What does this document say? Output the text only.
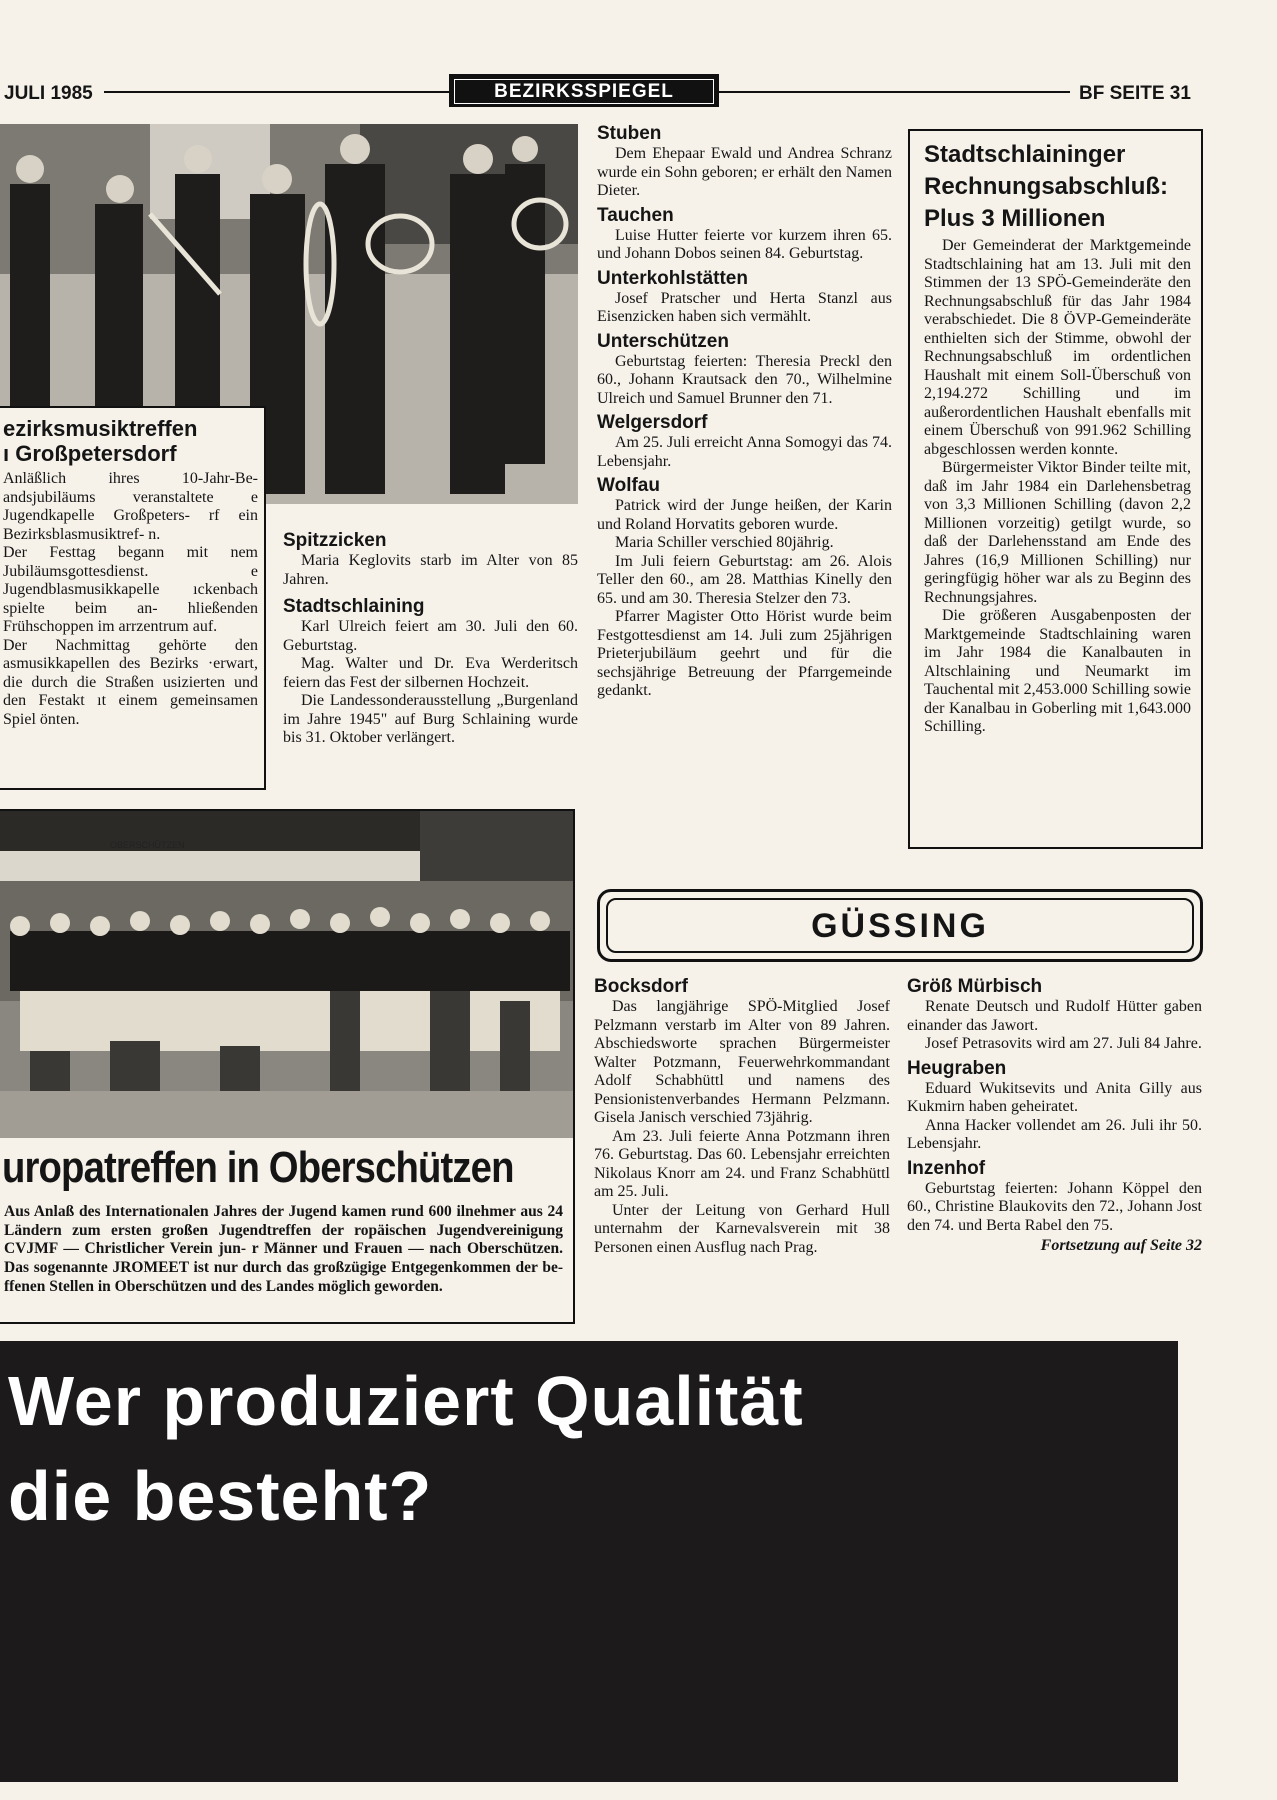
JULI 1985	BEZIRKSSPIEGEL	BF SEITE 31
ezirksmusiktreffen
ı Großpetersdorf

Anläßlich ihres 10-Jahr-Be- andsjubiläums veranstaltete e Jugendkapelle Großpeters- rf ein Bezirksblasmusiktref- n.

Der Festtag begann mit nem Jubiläumsgottesdienst. e Jugendblasmusikkapelle ıckenbach spielte beim an- hließenden Frühschoppen im arrzentrum auf.

Der Nachmittag gehörte den asmusikkapellen des Bezirks ·erwart, die durch die Straßen usizierten und den Festakt ıt einem gemeinsamen Spiel önten.

Spitzzicken

Maria Keglovits starb im Alter von 85 Jahren.

Stadtschlaining

Karl Ulreich feiert am 30. Juli den 60. Geburtstag.

Mag. Walter und Dr. Eva Werderitsch feiern das Fest der silbernen Hochzeit.

Die Landessonderausstellung „Burgenland im Jahre 1945" auf Burg Schlaining wurde bis 31. Oktober verlängert.

OBERSCHÜTZEN
uropatreffen in Oberschützen
Aus Anlaß des Internationalen Jahres der Jugend kamen rund 600 ilnehmer aus 24 Ländern zum ersten großen Jugendtreffen der ropäischen Jugendvereinigung CVJMF — Christlicher Verein jun- r Männer und Frauen — nach Oberschützen. Das sogenannte JROMEET ist nur durch das großzügige Entgegenkommen der be- ffenen Stellen in Oberschützen und des Landes möglich geworden.
Stuben

Dem Ehepaar Ewald und Andrea Schranz wurde ein Sohn geboren; er erhält den Namen Dieter.

Tauchen

Luise Hutter feierte vor kurzem ihren 65. und Johann Dobos seinen 84. Geburtstag.

Unterkohlstätten

Josef Pratscher und Herta Stanzl aus Eisenzicken haben sich vermählt.

Unterschützen

Geburtstag feierten: Theresia Preckl den 60., Johann Krautsack den 70., Wilhelmine Ulreich und Samuel Brunner den 71.

Welgersdorf

Am 25. Juli erreicht Anna Somogyi das 74. Lebensjahr.

Wolfau

Patrick wird der Junge heißen, der Karin und Roland Horvatits geboren wurde.

Maria Schiller verschied 80jährig.

Im Juli feiern Geburtstag: am 26. Alois Teller den 60., am 28. Matthias Kinelly den 65. und am 30. Theresia Stelzer den 73.

Pfarrer Magister Otto Hörist wurde beim Festgottesdienst am 14. Juli zum 25jährigen Prieterjubiläum geehrt und für die sechsjährige Betreuung der Pfarrgemeinde gedankt.

Stadtschlaininger
Rechnungsabschluß:
Plus 3 Millionen

Der Gemeinderat der Marktgemeinde Stadtschlaining hat am 13. Juli mit den Stimmen der 13 SPÖ-Gemeinderäte den Rechnungsabschluß für das Jahr 1984 verabschiedet. Die 8 ÖVP-Gemeinderäte enthielten sich der Stimme, obwohl der Rechnungsabschluß im ordentlichen Haushalt mit einem Soll-Überschuß von 2,194.272 Schilling und im außerordentlichen Haushalt ebenfalls mit einem Überschuß von 991.962 Schilling abgeschlossen werden konnte.

Bürgermeister Viktor Binder teilte mit, daß im Jahr 1984 ein Darlehensbetrag von 3,3 Millionen Schilling (davon 2,2 Millionen vorzeitig) getilgt wurde, so daß der Darlehensstand am Ende des Jahres (16,9 Millionen Schilling) nur geringfügig höher war als zu Beginn des Rechnungsjahres.

Die größeren Ausgabenposten der Marktgemeinde Stadtschlaining waren im Jahr 1984 die Kanalbauten in Altschlaining und Neumarkt im Tauchental mit 2,453.000 Schilling sowie der Kanalbau in Goberling mit 1,643.000 Schilling.

GÜSSING
Bocksdorf

Das langjährige SPÖ-Mitglied Josef Pelzmann verstarb im Alter von 89 Jahren. Abschiedsworte sprachen Bürgermeister Walter Potzmann, Feuerwehrkommandant Adolf Schabhüttl und namens des Pensionistenverbandes Hermann Pelzmann. Gisela Janisch verschied 73jährig.

Am 23. Juli feierte Anna Potzmann ihren 76. Geburtstag. Das 60. Lebensjahr erreichten Nikolaus Knorr am 24. und Franz Schabhüttl am 25. Juli.

Unter der Leitung von Gerhard Hull unternahm der Karnevalsverein mit 38 Personen einen Ausflug nach Prag.

Größ Mürbisch

Renate Deutsch und Rudolf Hütter gaben einander das Jawort.

Josef Petrasovits wird am 27. Juli 84 Jahre.

Heugraben

Eduard Wukitsevits und Anita Gilly aus Kukmirn haben geheiratet.

Anna Hacker vollendet am 26. Juli ihr 50. Lebensjahr.

Inzenhof

Geburtstag feierten: Johann Köppel den 60., Christine Blaukovits den 72., Johann Jost den 74. und Berta Rabel den 75.

Fortsetzung auf Seite 32
Wer produziert Qualität
die besteht?
